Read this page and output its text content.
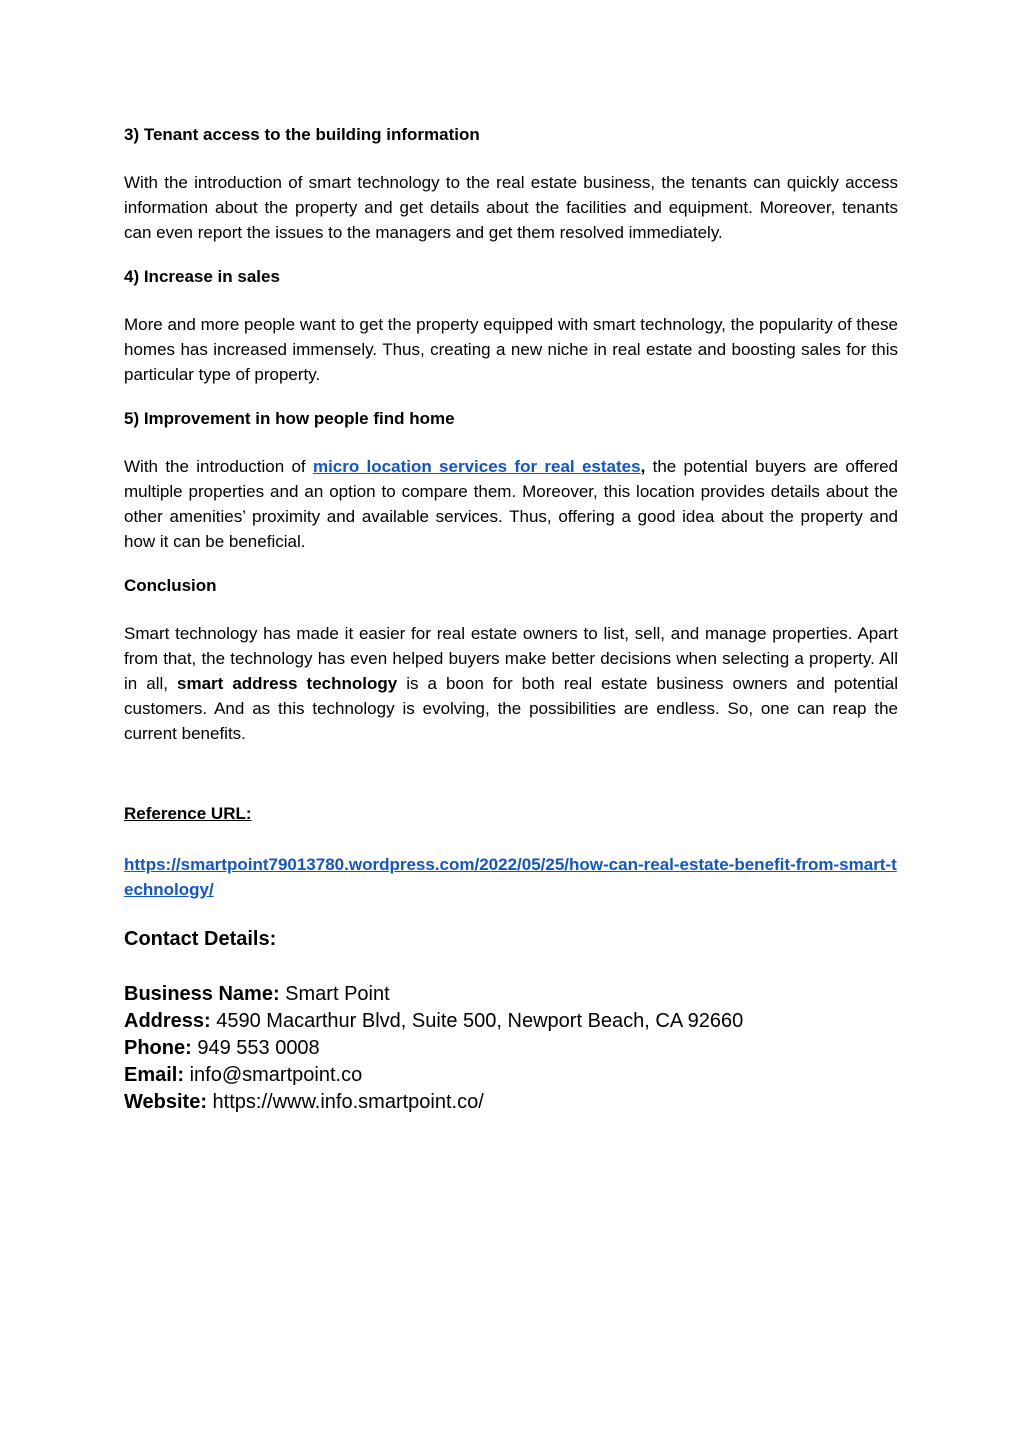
3) Tenant access to the building information

With the introduction of smart technology to the real estate business, the tenants can quickly access information about the property and get details about the facilities and equipment. Moreover, tenants can even report the issues to the managers and get them resolved immediately.

4) Increase in sales

More and more people want to get the property equipped with smart technology, the popularity of these homes has increased immensely. Thus, creating a new niche in real estate and boosting sales for this particular type of property.

5) Improvement in how people find home

With the introduction of micro location services for real estates, the potential buyers are offered multiple properties and an option to compare them. Moreover, this location provides details about the other amenities’ proximity and available services. Thus, offering a good idea about the property and how it can be beneficial.

Conclusion

Smart technology has made it easier for real estate owners to list, sell, and manage properties. Apart from that, the technology has even helped buyers make better decisions when selecting a property. All in all, smart address technology is a boon for both real estate business owners and potential customers. And as this technology is evolving, the possibilities are endless. So, one can reap the current benefits.

Reference URL:
https://smartpoint79013780.wordpress.com/2022/05/25/how-can-real-estate-benefit-from-smart-technology/
Contact Details:
Business Name: Smart Point
Address: 4590 Macarthur Blvd, Suite 500, Newport Beach, CA 92660
Phone: 949 553 0008
Email: info@smartpoint.co
Website: https://www.info.smartpoint.co/
